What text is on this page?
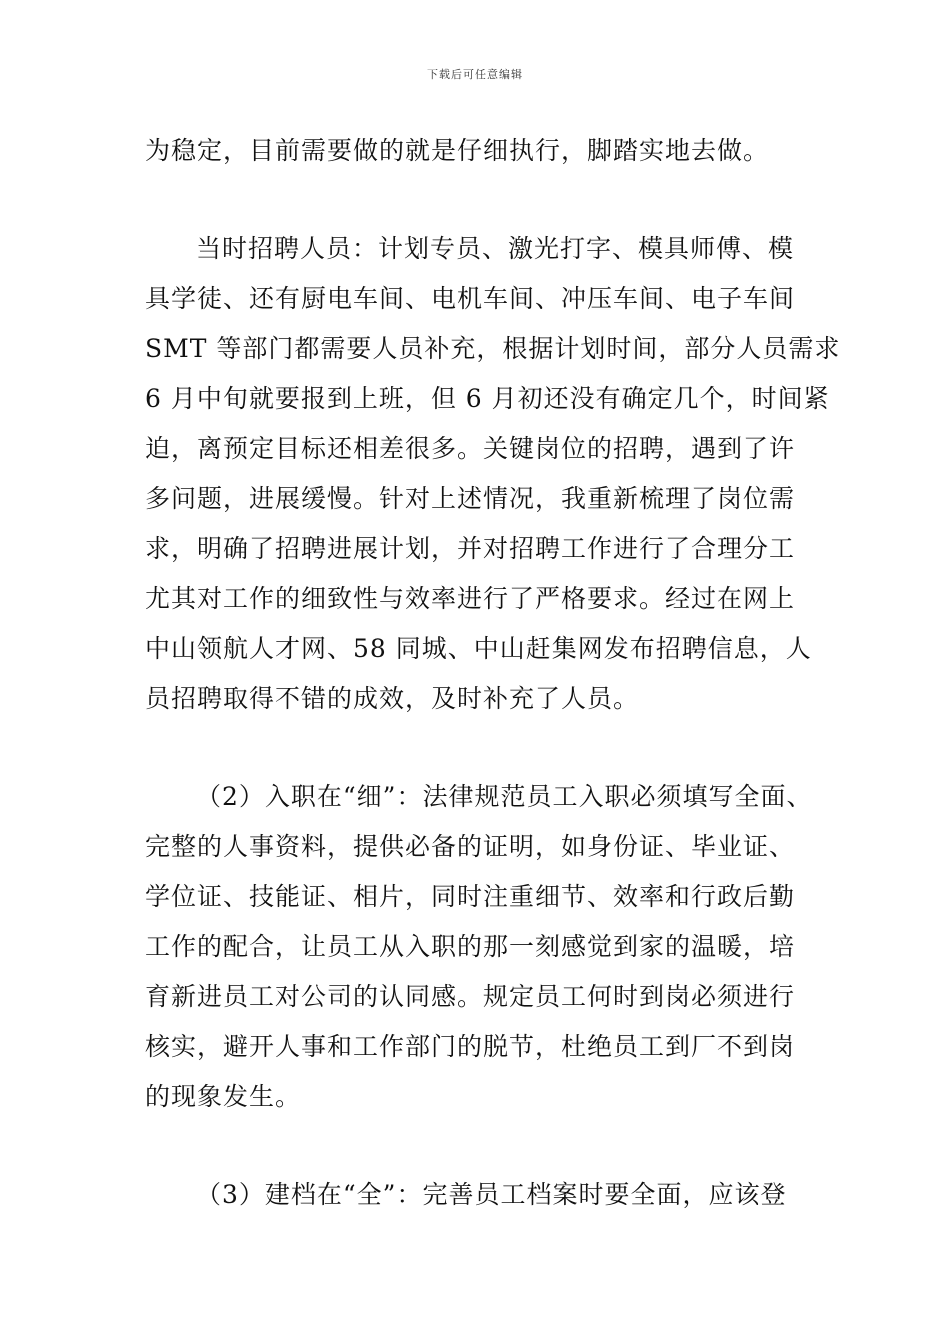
下载后可任意编辑
为稳定，目前需要做的就是仔细执行，脚踏实地去做。
当时招聘人员：计划专员、激光打字、模具师傅、模
具学徒、还有厨电车间、电机车间、冲压车间、电子车间
SMT 等部门都需要人员补充，根据计划时间，部分人员需求
6 月中旬就要报到上班，但 6 月初还没有确定几个，时间紧
迫，离预定目标还相差很多。关键岗位的招聘，遇到了许
多问题，进展缓慢。针对上述情况，我重新梳理了岗位需
求，明确了招聘进展计划，并对招聘工作进行了合理分工
尤其对工作的细致性与效率进行了严格要求。经过在网上
中山领航人才网、58 同城、中山赶集网发布招聘信息，人
员招聘取得不错的成效，及时补充了人员。
（2）入职在“细”：法律规范员工入职必须填写全面、
完整的人事资料，提供必备的证明，如身份证、毕业证、
学位证、技能证、相片，同时注重细节、效率和行政后勤
工作的配合，让员工从入职的那一刻感觉到家的温暖，培
育新进员工对公司的认同感。规定员工何时到岗必须进行
核实，避开人事和工作部门的脱节，杜绝员工到厂不到岗
的现象发生。
（3）建档在“全”：完善员工档案时要全面，应该登
